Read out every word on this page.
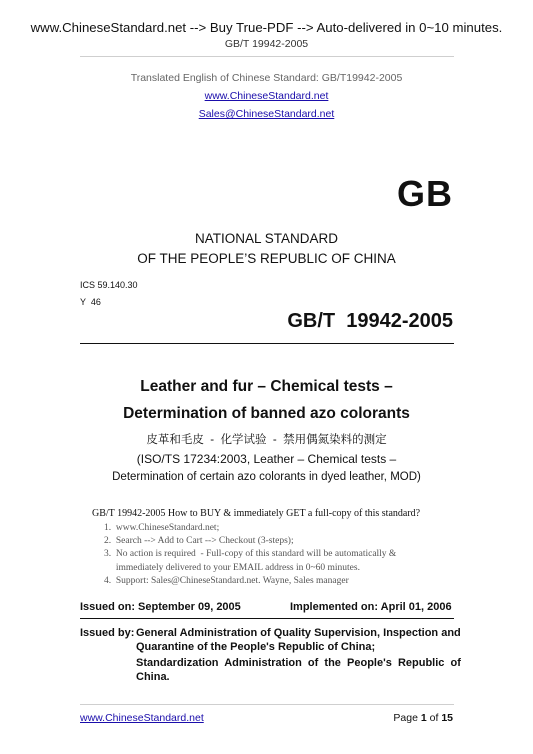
www.ChineseStandard.net --> Buy True-PDF --> Auto-delivered in 0~10 minutes.
GB/T 19942-2005
Translated English of Chinese Standard: GB/T19942-2005
www.ChineseStandard.net
Sales@ChineseStandard.net
GB
NATIONAL STANDARD
OF THE PEOPLE’S REPUBLIC OF CHINA
ICS 59.140.30
Y  46
GB/T  19942-2005
Leather and fur – Chemical tests –
Determination of banned azo colorants
皮革和毛皮  -  化学试验  -  禁用偶氮染料的测定
(ISO/TS 17234:2003, Leather – Chemical tests –
Determination of certain azo colorants in dyed leather, MOD)
GB/T 19942-2005 How to BUY & immediately GET a full-copy of this standard?
1.  www.ChineseStandard.net;
2.  Search --> Add to Cart --> Checkout (3-steps);
3.  No action is required  - Full-copy of this standard will be automatically &
immediately delivered to your EMAIL address in 0~60 minutes.
4.  Support: Sales@ChineseStandard.net. Wayne, Sales manager
Issued on: September 09, 2005	Implemented on: April 01, 2006
Issued by: General Administration of Quality Supervision, Inspection and
Quarantine of the People's Republic of China;
Standardization  Administration  of  the  People's  Republic  of
China.
www.ChineseStandard.net	Page 1 of 15
